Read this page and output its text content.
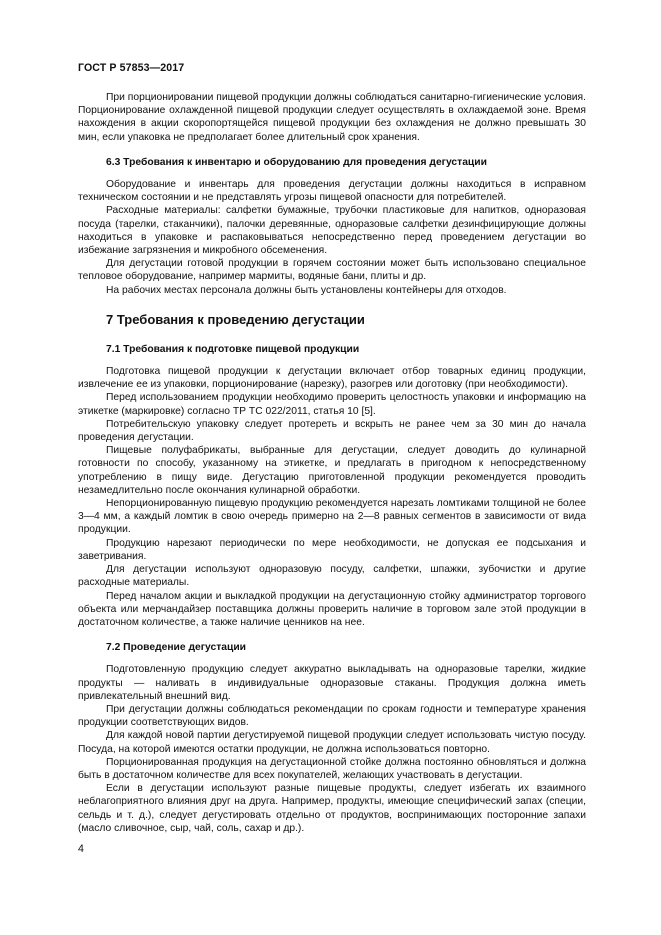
ГОСТ Р 57853—2017

При порционировании пищевой продукции должны соблюдаться санитарно-гигиенические условия. Порционирование охлажденной пищевой продукции следует осуществлять в охлаждаемой зоне. Время нахождения в акции скоропортящейся пищевой продукции без охлаждения не должно превышать 30 мин, если упаковка не предполагает более длительный срок хранения.

6.3 Требования к инвентарю и оборудованию для проведения дегустации

Оборудование и инвентарь для проведения дегустации должны находиться в исправном техническом состоянии и не представлять угрозы пищевой опасности для потребителей.

Расходные материалы: салфетки бумажные, трубочки пластиковые для напитков, одноразовая посуда (тарелки, стаканчики), палочки деревянные, одноразовые салфетки дезинфицирующие должны находиться в упаковке и распаковываться непосредственно перед проведением дегустации во избежание загрязнения и микробного обсеменения.

Для дегустации готовой продукции в горячем состоянии может быть использовано специальное тепловое оборудование, например мармиты, водяные бани, плиты и др.

На рабочих местах персонала должны быть установлены контейнеры для отходов.

7 Требования к проведению дегустации
7.1 Требования к подготовке пищевой продукции

Подготовка пищевой продукции к дегустации включает отбор товарных единиц продукции, извлечение ее из упаковки, порционирование (нарезку), разогрев или доготовку (при необходимости).

Перед использованием продукции необходимо проверить целостность упаковки и информацию на этикетке (маркировке) согласно ТР ТС 022/2011, статья 10 [5].

Потребительскую упаковку следует протереть и вскрыть не ранее чем за 30 мин до начала проведения дегустации.

Пищевые полуфабрикаты, выбранные для дегустации, следует доводить до кулинарной готовности по способу, указанному на этикетке, и предлагать в пригодном к непосредственному употреблению в пищу виде. Дегустацию приготовленной продукции рекомендуется проводить незамедлительно после окончания кулинарной обработки.

Непорционированную пищевую продукцию рекомендуется нарезать ломтиками толщиной не более 3—4 мм, а каждый ломтик в свою очередь примерно на 2—8 равных сегментов в зависимости от вида продукции.

Продукцию нарезают периодически по мере необходимости, не допуская ее подсыхания и заветривания.

Для дегустации используют одноразовую посуду, салфетки, шпажки, зубочистки и другие расходные материалы.

Перед началом акции и выкладкой продукции на дегустационную стойку администратор торгового объекта или мерчандайзер поставщика должны проверить наличие в торговом зале этой продукции в достаточном количестве, а также наличие ценников на нее.

7.2 Проведение дегустации

Подготовленную продукцию следует аккуратно выкладывать на одноразовые тарелки, жидкие продукты — наливать в индивидуальные одноразовые стаканы. Продукция должна иметь привлекательный внешний вид.

При дегустации должны соблюдаться рекомендации по срокам годности и температуре хранения продукции соответствующих видов.

Для каждой новой партии дегустируемой пищевой продукции следует использовать чистую посуду. Посуда, на которой имеются остатки продукции, не должна использоваться повторно.

Порционированная продукция на дегустационной стойке должна постоянно обновляться и должна быть в достаточном количестве для всех покупателей, желающих участвовать в дегустации.

Если в дегустации используют разные пищевые продукты, следует избегать их взаимного неблагоприятного влияния друг на друга. Например, продукты, имеющие специфический запах (специи, сельдь и т. д.), следует дегустировать отдельно от продуктов, воспринимающих посторонние запахи (масло сливочное, сыр, чай, соль, сахар и др.).

4
